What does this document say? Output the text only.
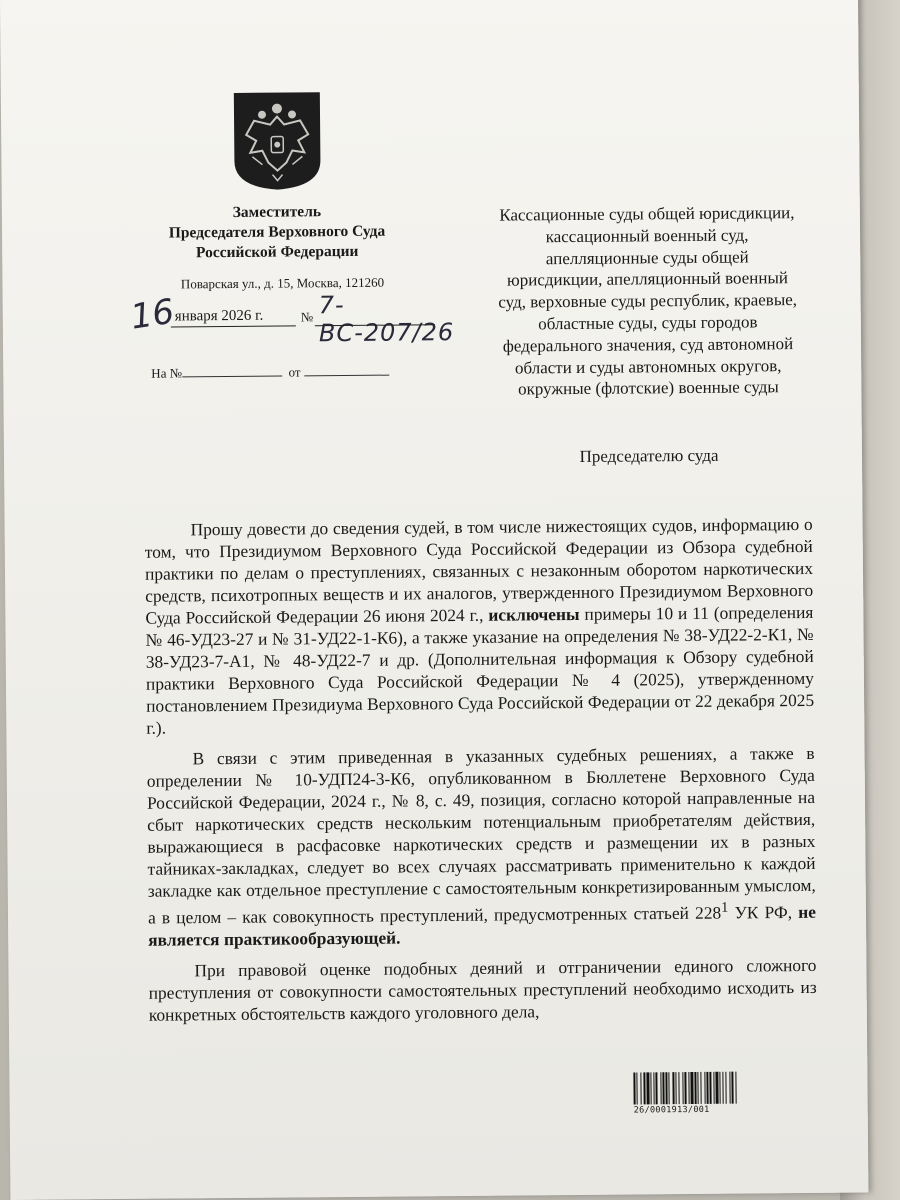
Заместитель
Председателя Верховного Суда
Российской Федерации
Поварская ул., д. 15, Москва, 121260
16
января 2026 г.	№ 7-ВС-207/26
На №	от
Кассационные суды общей юрисдикции, кассационный военный суд, апелляционные суды общей юрисдикции, апелляционный военный суд, верховные суды республик, краевые, областные суды, суды городов федерального значения, суд автономной области и суды автономных округов, окружные (флотские) военные суды
Председателю суда

Прошу довести до сведения судей, в том числе нижестоящих судов, информацию о том, что Президиумом Верховного Суда Российской Федерации из Обзора судебной практики по делам о преступлениях, связанных с незаконным оборотом наркотических средств, психотропных веществ и их аналогов, утвержденного Президиумом Верховного Суда Российской Федерации 26 июня 2024 г., исключены примеры 10 и 11 (определения № 46-УД23-27 и № 31-УД22-1-К6), а также указание на определения № 38-УД22-2-К1, № 38-УД23-7-А1, № 48-УД22-7 и др. (Дополнительная информация к Обзору судебной практики Верховного Суда Российской Федерации № 4 (2025), утвержденному постановлением Президиума Верховного Суда Российской Федерации от 22 декабря 2025 г.).

В связи с этим приведенная в указанных судебных решениях, а также в определении № 10-УДП24-3-К6, опубликованном в Бюллетене Верховного Суда Российской Федерации, 2024 г., № 8, с. 49, позиция, согласно которой направленные на сбыт наркотических средств нескольким потенциальным приобретателям действия, выражающиеся в расфасовке наркотических средств и размещении их в разных тайниках-закладках, следует во всех случаях рассматривать применительно к каждой закладке как отдельное преступление с самостоятельным конкретизированным умыслом, а в целом – как совокупность преступлений, предусмотренных статьей $228^1$ УК РФ, не является практикообразующей.

При правовой оценке подобных деяний и отграничении единого сложного преступления от совокупности самостоятельных преступлений необходимо исходить из конкретных обстоятельств каждого уголовного дела,

26/0001913/001
